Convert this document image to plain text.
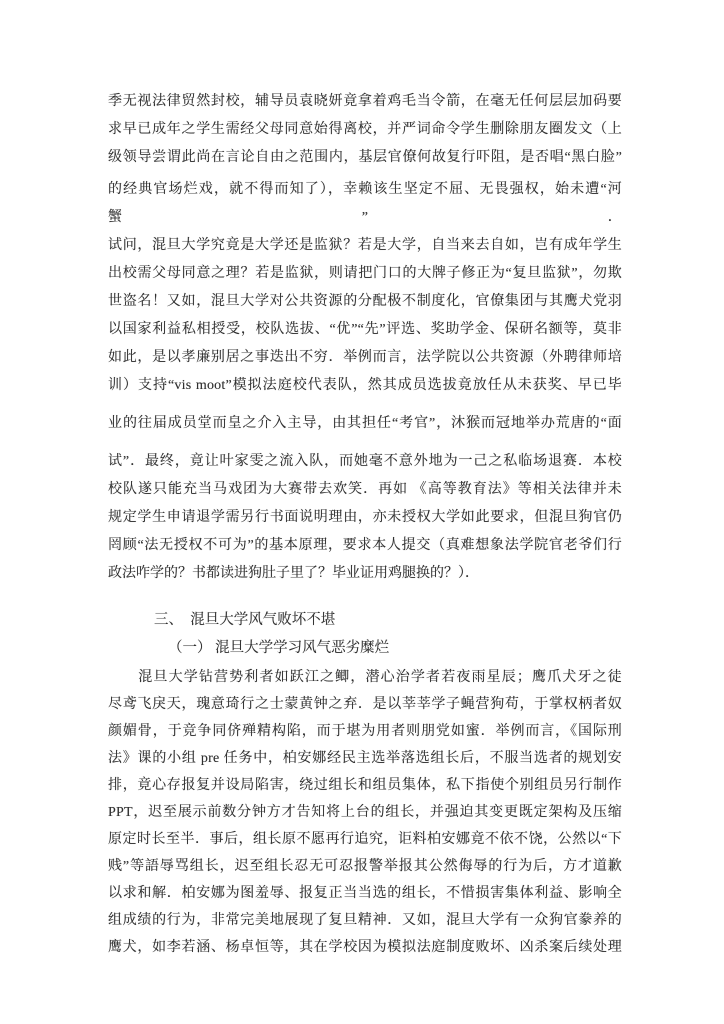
季无视法律贸然封校，辅导员袁晓妍竟拿着鸡毛当令箭，在毫无任何层层加码要
求早已成年之学生需经父母同意始得离校，并严词命令学生删除朋友圈发文（上
级领导尝谓此尚在言论自由之范围内，基层官僚何故复行吓阻，是否唱“黑白脸”
的经典官场烂戏，就不得而知了），幸赖该生坚定不屈、无畏强权，始未遭“河蟹”．
试问，混旦大学究竟是大学还是监狱？若是大学，自当来去自如，岂有成年学生
出校需父母同意之理？若是监狱，则请把门口的大牌子修正为“复旦监狱”，勿欺
世盗名！又如，混旦大学对公共资源的分配极不制度化，官僚集团与其鹰犬党羽
以国家利益私相授受，校队选拔、“优”“先”评选、奖助学金、保研名额等，莫非
如此，是以孝廉别居之事迭出不穷．举例而言，法学院以公共资源（外聘律师培
训）支持“vis moot”模拟法庭校代表队，然其成员选拔竟放任从未获奖、早已毕
业的往届成员堂而皇之介入主导，由其担任“考官”，沐猴而冠地举办荒唐的“面
试”．最终，竟让叶家雯之流入队，而她毫不意外地为一己之私临场退赛．本校
校队遂只能充当马戏团为大赛带去欢笑．再如 《高等教育法》等相关法律并未
规定学生申请退学需另行书面说明理由，亦未授权大学如此要求，但混旦狗官仍
罔顾“法无授权不可为”的基本原理，要求本人提交（真难想象法学院官老爷们行
政法咋学的？书都读进狗肚子里了？毕业证用鸡腿换的？）．
三、　混旦大学风气败坏不堪
（一） 混旦大学学习风气恶劣糜烂
　　混旦大学钻营势利者如跃江之鲫，潜心治学者若夜雨星辰；鹰爪犬牙之徒
尽鸢飞戾天，瑰意琦行之士蒙黄钟之弃．是以莘莘学子蝇营狗苟，于掌权柄者奴
颜媚骨，于竞争同侪殚精构陷，而于堪为用者则朋党如蜜．举例而言，《国际刑
法》课的小组 pre 任务中，柏安娜经民主选举落选组长后，不服当选者的规划安
排，竟心存报复并设局陷害，绕过组长和组员集体，私下指使个别组员另行制作
PPT，迟至展示前数分钟方才告知将上台的组长，并强迫其变更既定架构及压缩
原定时长至半．事后，组长原不愿再行追究，讵料柏安娜竟不依不饶，公然以“下
贱”等語辱骂组长，迟至组长忍无可忍报警举报其公然侮辱的行为后，方才道歉
以求和解．柏安娜为图羞辱、报复正当当选的组长，不惜损害集体利益、影响全
组成绩的行为，非常完美地展现了复旦精神．又如，混旦大学有一众狗官豢养的
鹰犬，如李若涵、杨卓恒等，其在学校因为模拟法庭制度败坏、凶杀案后续处理
